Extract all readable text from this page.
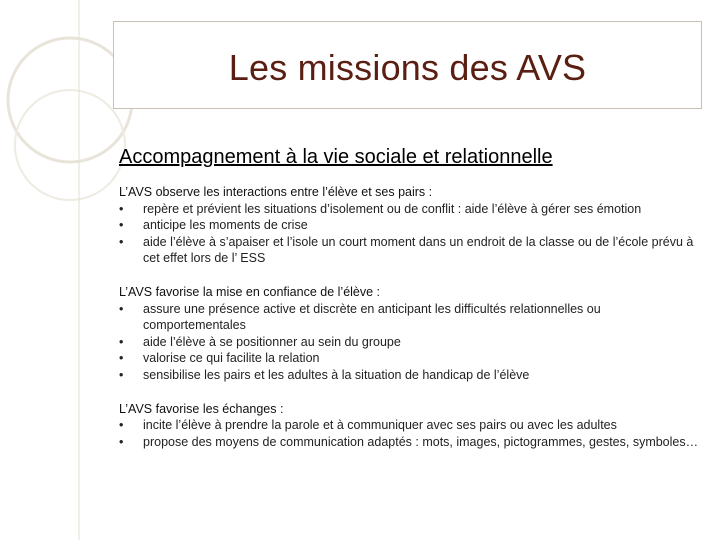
Les missions des AVS
Accompagnement à la vie sociale et relationnelle
L’AVS observe les interactions entre l’élève et ses pairs :
• repère et prévient les situations d’isolement ou de conflit : aide l’élève à gérer ses émotion
• anticipe les moments de crise
• aide l’élève à s’apaiser et l’isole un court moment dans un endroit de la classe ou de l’école prévu à cet effet lors de l’ ESS
L’AVS favorise la mise en confiance de l’élève :
• assure une présence active et discrète en anticipant les difficultés relationnelles ou comportementales
• aide l’élève à se positionner au sein du groupe
• valorise ce qui facilite la relation
• sensibilise les pairs et les adultes à la situation de handicap de l’élève
L’AVS favorise les échanges :
• incite l’élève à prendre la parole et à communiquer avec ses pairs ou avec les adultes
• propose des moyens de communication adaptés : mots, images, pictogrammes, gestes, symboles…
